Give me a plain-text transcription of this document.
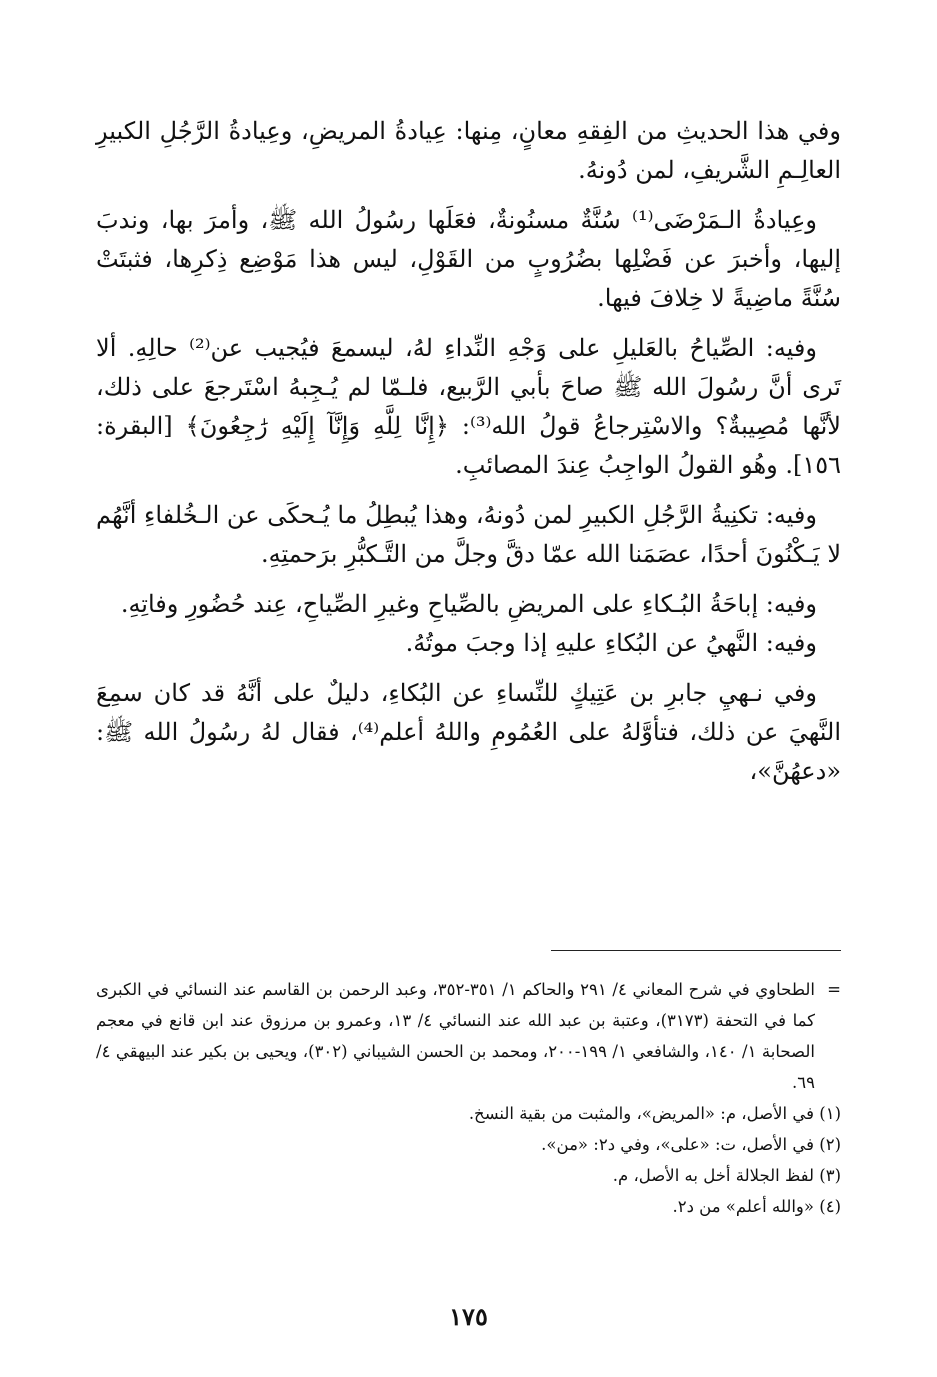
وفي هذا الحديثِ من الفِقهِ معانٍ، مِنها: عِيادةُ المريضِ، وعِيادةُ الرَّجُلِ الكبيرِ العالِـمِ الشَّريفِ، لمن دُونهُ.

وعِيادةُ الـمَرْضَى⁽¹⁾ سُنَّةٌ مسنُونةٌ، فعَلَها رسُولُ الله ﷺ، وأمرَ بها، وندبَ إليها، وأخبرَ عن فَضْلِها بضُرُوبٍ من القَوْلِ، ليس هذا مَوْضِع ذِكرِها، فثبتَتْ سُنَّةً ماضِيةً لا خِلافَ فيها.

وفيه: الصِّياحُ بالعَليلِ على وَجْهِ النِّداءِ لهُ، ليسمعَ فيُجيب عن⁽²⁾ حالِهِ. ألا تَرى أنَّ رسُولَ الله ﷺ صاحَ بأبي الرَّبيع، فلـمّا لم يُـجِبهُ اسْتَرجعَ على ذلك، لأنَّها مُصِيبةٌ؟ والاسْتِرجاعُ قولُ الله⁽³⁾: ﴿إِنَّا لِلَّهِ وَإِنَّآ إِلَيْهِ رَٰجِعُونَ﴾ [البقرة: ١٥٦]. وهُو القولُ الواجِبُ عِندَ المصائبِ.

وفيه: تكنِيةُ الرَّجُلِ الكبيرِ لمن دُونهُ، وهذا يُبطِلُ ما يُـحكَى عن الـخُلفاءِ أنَّهُم لا يَـكْنُونَ أحدًا، عصَمَنا الله عمّا دقَّ وجلَّ من التَّـكبُّرِ برَحمتِهِ.

وفيه: إباحَةُ البُـكاءِ على المريضِ بالصِّياحِ وغيرِ الصِّياحِ، عِند حُضُورِ وفاتِهِ.

وفيه: النَّهيُ عن البُكاءِ عليهِ إذا وجبَ موتُهُ.

وفي نـهيِ جابرِ بن عَتِيكٍ للنِّساءِ عن البُكاءِ، دليلٌ على أنَّهُ قد كان سمِعَ النَّهيَ عن ذلك، فتأوَّلهُ على العُمُومِ واللهُ أعلم⁽⁴⁾، فقال لهُ رسُولُ الله ﷺ: «دعهُنَّ»،

=
الطحاوي في شرح المعاني ٤/ ٢٩١ والحاكم ١/ ٣٥١-٣٥٢، وعبد الرحمن بن القاسم عند النسائي في الكبرى كما في التحفة (٣١٧٣)، وعتبة بن عبد الله عند النسائي ٤/ ١٣، وعمرو بن مرزوق عند ابن قانع في معجم الصحابة ١/ ١٤٠، والشافعي ١/ ١٩٩-٢٠٠، ومحمد بن الحسن الشيباني (٣٠٢)، ويحيى بن بكير عند البيهقي ٤/ ٦٩.

(١) في الأصل، م: «المريض»، والمثبت من بقية النسخ.

(٢) في الأصل، ت: «على»، وفي د٢: «من».

(٣) لفظ الجلالة أخل به الأصل، م.

(٤) «والله أعلم» من د٢.

١٧٥
